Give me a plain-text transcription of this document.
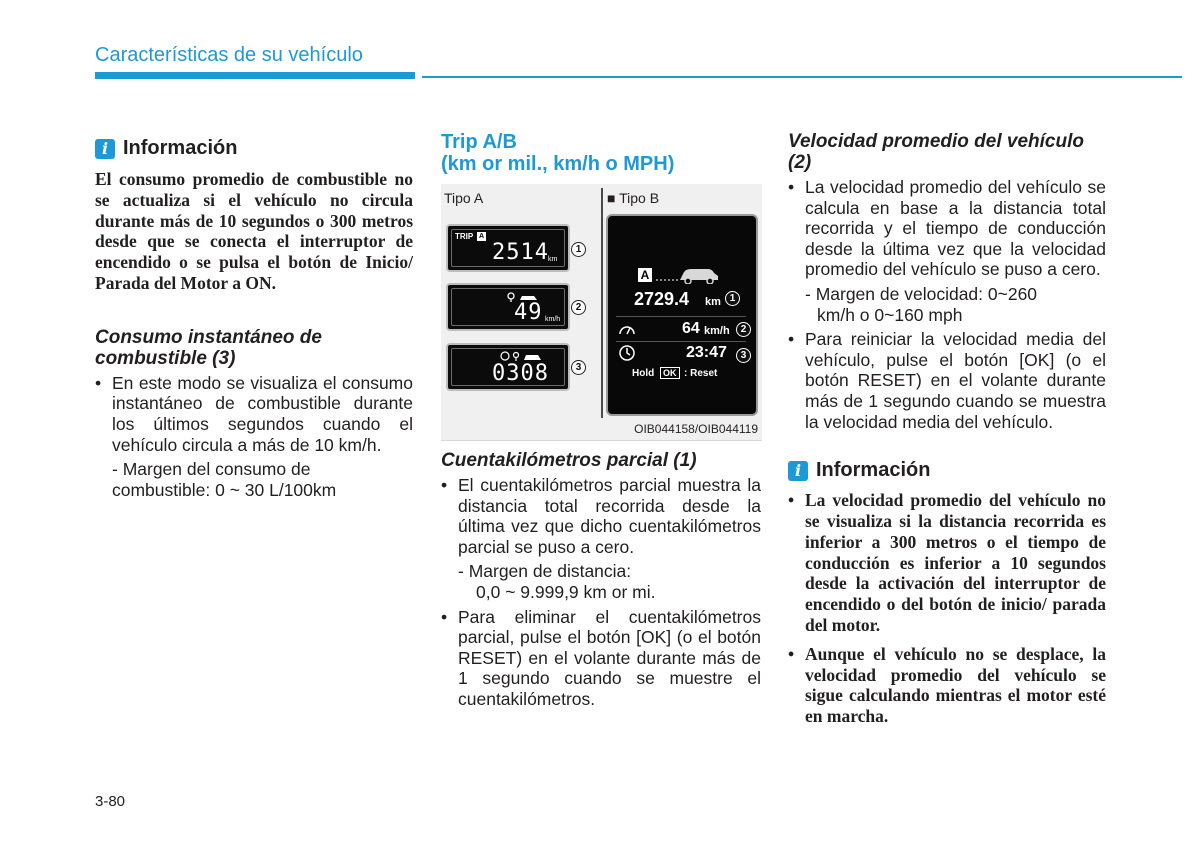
Características de su vehículo
i Información
El consumo promedio de combustible no se actualiza si el vehículo no circula durante más de 10 segundos o 300 metros desde que se conecta el interruptor de encendido o se pulsa el botón de Inicio/ Parada del Motor a ON.
Consumo instantáneo de combustible (3)
• En este modo se visualiza el consumo instantáneo de combustible durante los últimos segundos cuando el vehículo circula a más de 10 km/h.
- Margen del consumo de combustible: 0 ~ 30 L/100km
Trip A/B
(km or mil., km/h o MPH)
Tipo A	■ Tipo B
TRIP A
2514 km
1
49 km/h
2
0308	3
A
2729.4 km
64 km/h
23:47
Hold OK : Reset
1
2
3
OIB044158/OIB044119
Cuentakilómetros parcial (1)
• El cuentakilómetros parcial muestra la distancia total recorrida desde la última vez que dicho cuentakilómetros parcial se puso a cero.
- Margen de distancia:
0,0 ~ 9.999,9 km or mi.
• Para eliminar el cuentakilómetros parcial, pulse el botón [OK] (o el botón RESET) en el volante durante más de 1 segundo cuando se muestre el cuentakilómetros.
Velocidad promedio del vehículo (2)
• La velocidad promedio del vehículo se calcula en base a la distancia total recorrida y el tiempo de conducción desde la última vez que la velocidad promedio del vehículo se puso a cero.
- Margen de velocidad: 0~260
km/h o 0~160 mph
• Para reiniciar la velocidad media del vehículo, pulse el botón [OK] (o el botón RESET) en el volante durante más de 1 segundo cuando se muestra la velocidad media del vehículo.
i Información
• La velocidad promedio del vehículo no se visualiza si la distancia recorrida es inferior a 300 metros o el tiempo de conducción es inferior a 10 segundos desde la activación del interruptor de encendido o del botón de inicio/ parada del motor.
• Aunque el vehículo no se desplace, la velocidad promedio del vehículo se sigue calculando mientras el motor esté en marcha.
3-80
